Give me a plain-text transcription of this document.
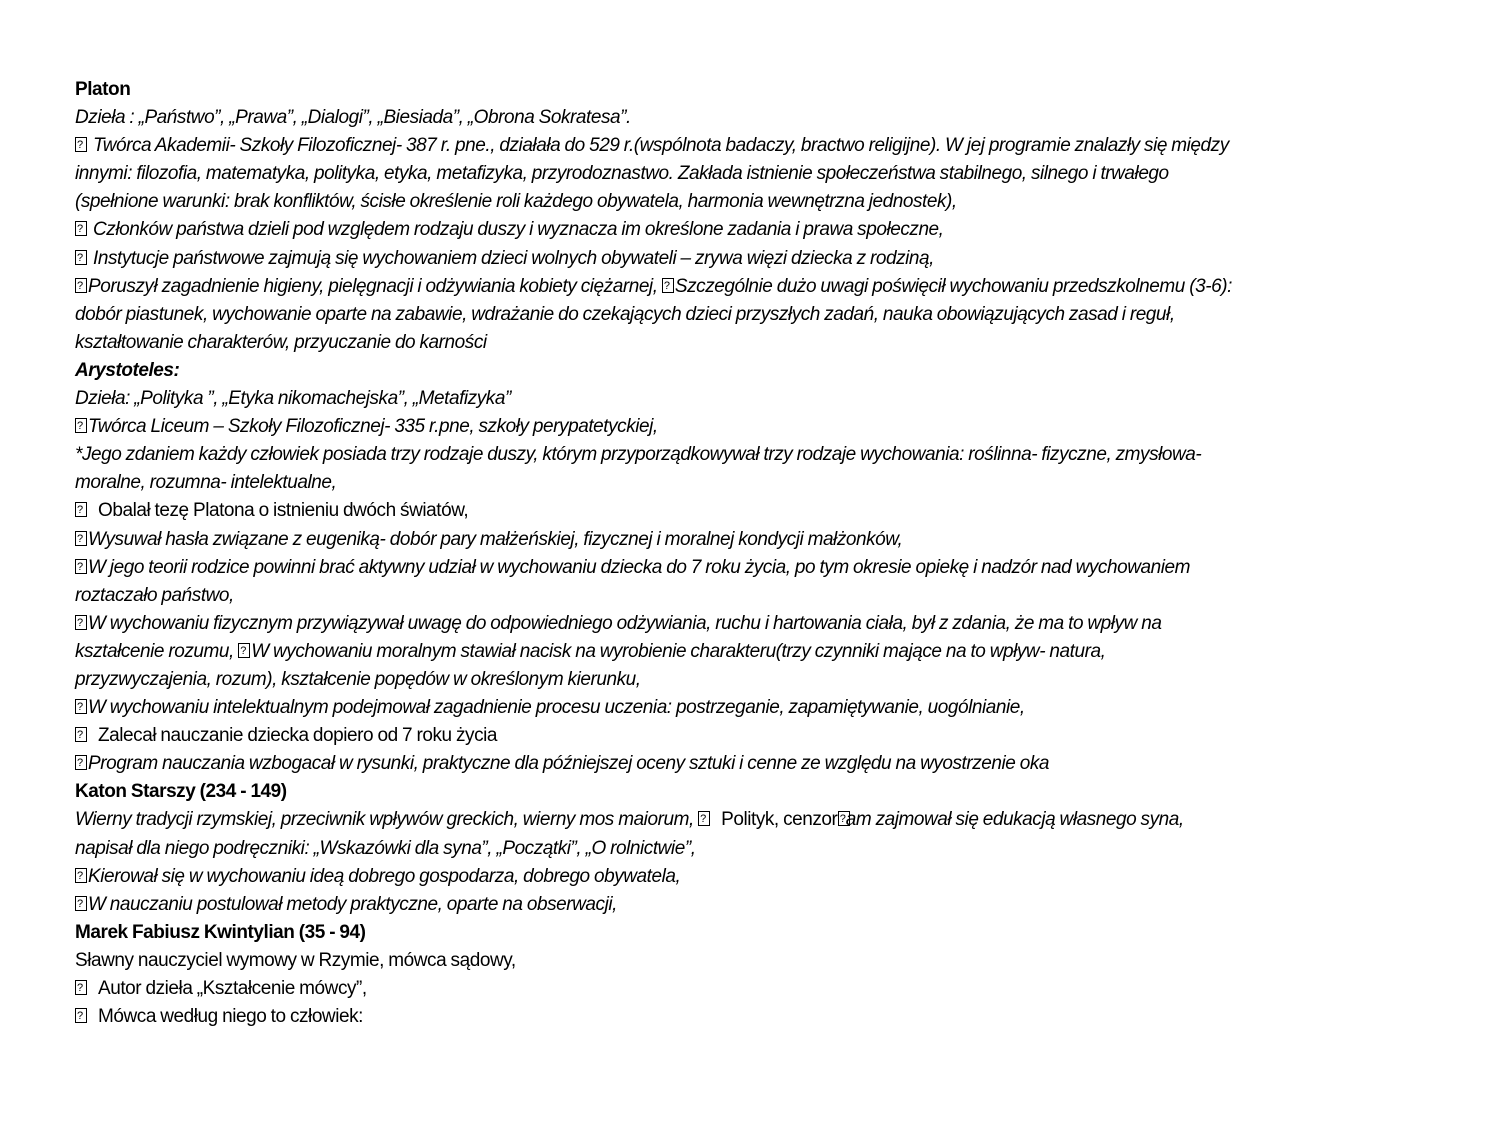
Platon
Dzieła : „Państwo”, „Prawa”, „Dialogi”, „Biesiada”, „Obrona Sokratesa”.
?Twórca Akademii- Szkoły Filozoficznej- 387 r. pne., działała do 529 r.(wspólnota badaczy, bractwo religijne). W jej programie znalazły się między
innymi: filozofia, matematyka, polityka, etyka, metafizyka, przyrodoznastwo. Zakłada istnienie społeczeństwa stabilnego, silnego i trwałego
(spełnione warunki: brak konfliktów, ścisłe określenie roli każdego obywatela, harmonia wewnętrzna jednostek),
?Członków państwa dzieli pod względem rodzaju duszy i wyznacza im określone zadania i prawa społeczne,
?Instytucje państwowe zajmują się wychowaniem dzieci wolnych obywateli – zrywa więzi dziecka z rodziną,
?Poruszył zagadnienie higieny, pielęgnacji i odżywiania kobiety ciężarnej, ?Szczególnie dużo uwagi poświęcił wychowaniu przedszkolnemu (3-6):
dobór piastunek, wychowanie oparte na zabawie, wdrażanie do czekających dzieci przyszłych zadań, nauka obowiązujących zasad i reguł,
kształtowanie charakterów, przyuczanie do karności
Arystoteles:
Dzieła: „Polityka ”, „Etyka nikomachejska”, „Metafizyka”
?Twórca Liceum – Szkoły Filozoficznej- 335 r.pne, szkoły perypatetyckiej,
*Jego zdaniem każdy człowiek posiada trzy rodzaje duszy, którym przyporządkowywał trzy rodzaje wychowania: roślinna- fizyczne, zmysłowa-
moralne, rozumna- intelektualne,
?Obalał tezę Platona o istnieniu dwóch światów,
?Wysuwał hasła związane z eugeniką- dobór pary małżeńskiej, fizycznej i moralnej kondycji małżonków,
?W jego teorii rodzice powinni brać aktywny udział w wychowaniu dziecka do 7 roku życia, po tym okresie opiekę i nadzór nad wychowaniem
roztaczało państwo,
?W wychowaniu fizycznym przywiązywał uwagę do odpowiedniego odżywiania, ruchu i hartowania ciała, był z zdania, że ma to wpływ na
kształcenie rozumu, ?W wychowaniu moralnym stawiał nacisk na wyrobienie charakteru(trzy czynniki mające na to wpływ- natura,
przyzwyczajenia, rozum), kształcenie popędów w określonym kierunku,
?W wychowaniu intelektualnym podejmował zagadnienie procesu uczenia: postrzeganie, zapamiętywanie, uogólnianie,
?Zalecał nauczanie dziecka dopiero od 7 roku życia
?Program nauczania wzbogacał w rysunki, praktyczne dla późniejszej oceny sztuki i cenne ze względu na wyostrzenie oka
Katon Starszy (234 - 149)
Wierny tradycji rzymskiej, przeciwnik wpływów greckich, wierny mos maiorum, ?Polityk, cenzor ?am zajmował się edukacją własnego syna,
napisał dla niego podręczniki: „Wskazówki dla syna”, „Początki”, „O rolnictwie”,
?Kierował się w wychowaniu ideą dobrego gospodarza, dobrego obywatela,
?W nauczaniu postulował metody praktyczne, oparte na obserwacji,
Marek Fabiusz Kwintylian (35 - 94)
Sławny nauczyciel wymowy w Rzymie, mówca sądowy,
?Autor dzieła „Kształcenie mówcy”,
?Mówca według niego to człowiek:
